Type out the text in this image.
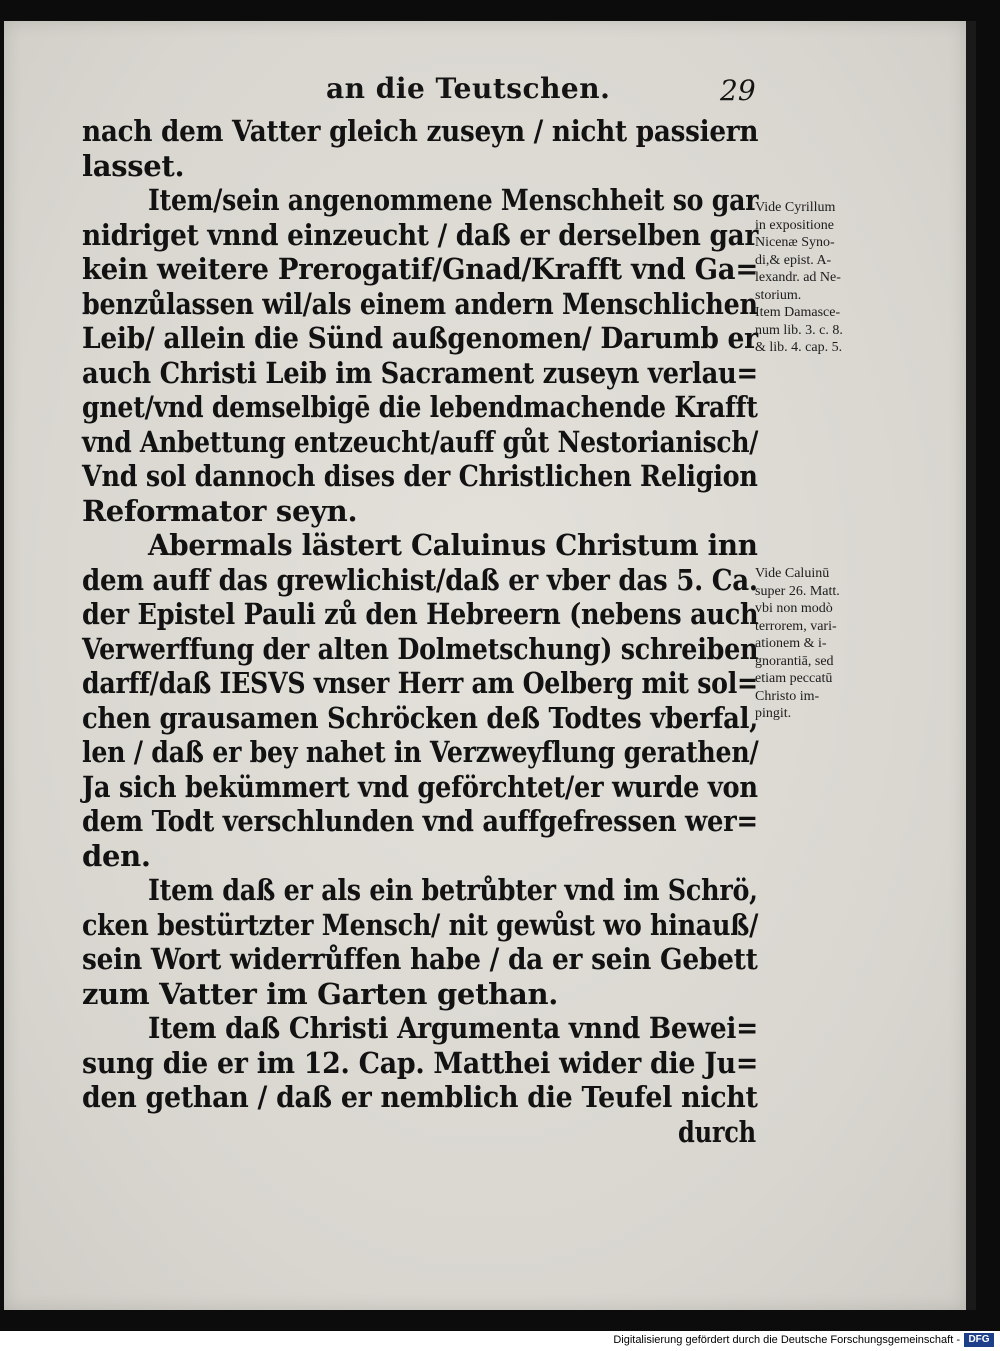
an die Teutschen.	29
nach dem Vatter gleich zuseyn / nicht passiern
lasset.
Item/sein angenommene Menschheit so gar
nidriget vnnd einzeucht / daß er derselben gar
kein weitere Prerogatif/Gnad/Krafft vnd Ga=
benzůlassen wil/als einem andern Menschlichen
Leib/ allein die Sünd außgenomen/ Darumb er
auch Christi Leib im Sacrament zuseyn verlau=
gnet/vnd demselbigē die lebendmachende Krafft
vnd Anbettung entzeucht/auff gůt Nestorianisch/
Vnd sol dannoch dises der Christlichen Religion
Reformator seyn.
Abermals lästert Caluinus Christum inn
dem auff das grewlichist/daß er vber das 5. Ca.
der Epistel Pauli zů den Hebreern (nebens auch
Verwerffung der alten Dolmetschung) schreiben
darff/daß IESVS vnser Herr am Oelberg mit sol=
chen grausamen Schröcken deß Todtes vberfal,
len / daß er bey nahet in Verzweyflung gerathen/
Ja sich bekümmert vnd geförchtet/er wurde von
dem Todt verschlunden vnd auffgefressen wer=
den.
Item daß er als ein betrůbter vnd im Schrö,
cken bestürtzter Mensch/ nit gewůst wo hinauß/
sein Wort widerrůffen habe / da er sein Gebett
zum Vatter im Garten gethan.
Item daß Christi Argumenta vnnd Bewei=
sung die er im 12. Cap. Matthei wider die Ju=
den gethan / daß er nemblich die Teufel nicht
durch
Vide Cyrillum
in expositione
Nicenæ Syno-
di,& epist. A-
lexandr. ad Ne-
storium.
Item Damasce-
num lib. 3. c. 8.
& lib. 4. cap. 5.
Vide Caluinū
super 26. Matt.
vbi non modò
terrorem, vari-
ationem & i-
gnorantiā, sed
etiam peccatū
Christo im-
pingit.
Digitalisierung gefördert durch die Deutsche Forschungsgemeinschaft - DFG
